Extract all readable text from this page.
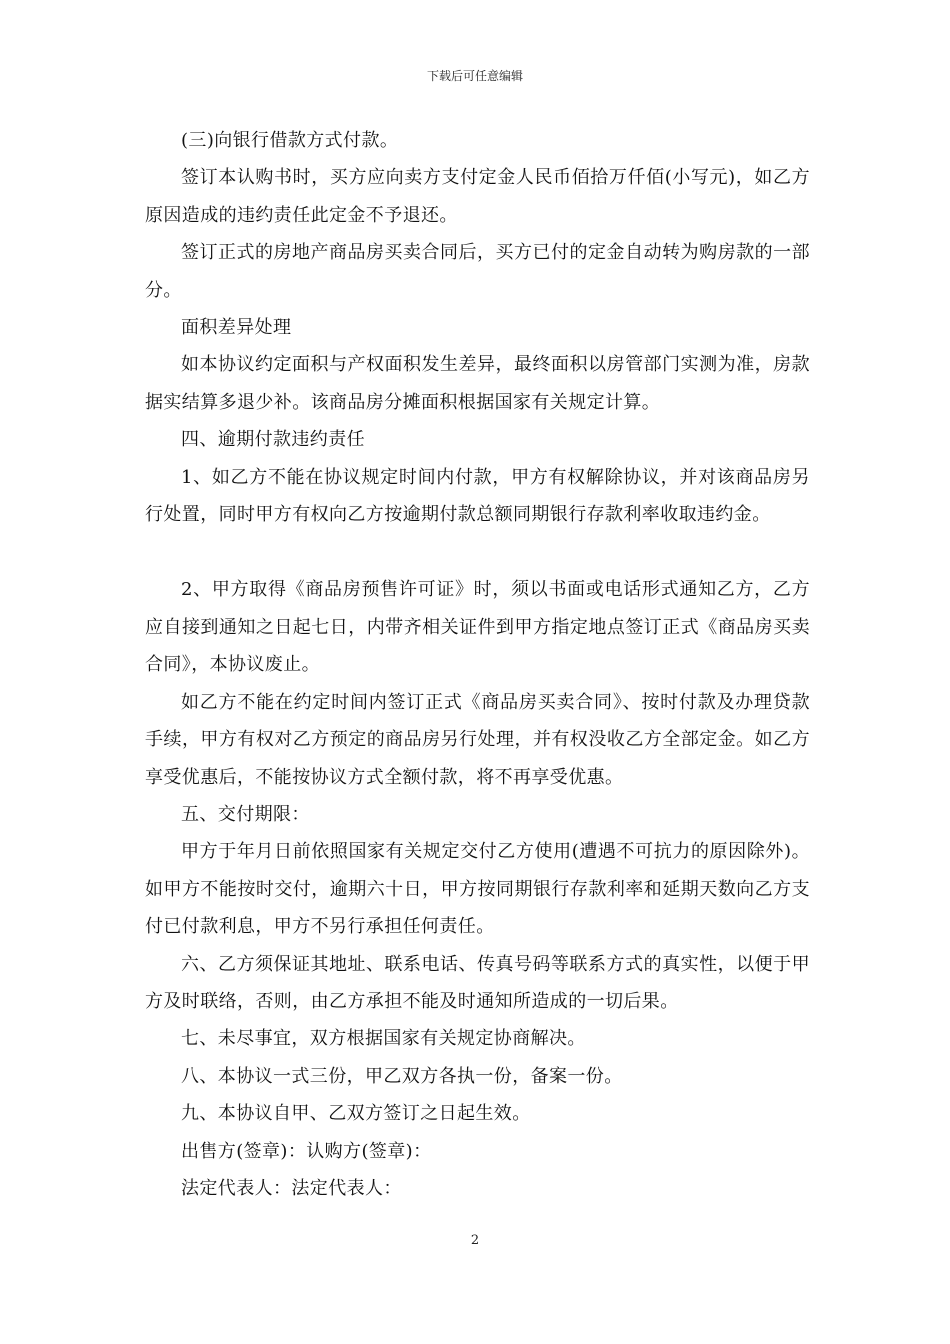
下载后可任意编辑

(三)向银行借款方式付款。

签订本认购书时，买方应向卖方支付定金人民币佰拾万仟佰(小写元)，如乙方原因造成的违约责任此定金不予退还。

签订正式的房地产商品房买卖合同后，买方已付的定金自动转为购房款的一部分。

面积差异处理

如本协议约定面积与产权面积发生差异，最终面积以房管部门实测为准，房款据实结算多退少补。该商品房分摊面积根据国家有关规定计算。

四、逾期付款违约责任

1、如乙方不能在协议规定时间内付款，甲方有权解除协议，并对该商品房另行处置，同时甲方有权向乙方按逾期付款总额同期银行存款利率收取违约金。

2、甲方取得《商品房预售许可证》时，须以书面或电话形式通知乙方，乙方应自接到通知之日起七日，内带齐相关证件到甲方指定地点签订正式《商品房买卖合同》，本协议废止。

如乙方不能在约定时间内签订正式《商品房买卖合同》、按时付款及办理贷款手续，甲方有权对乙方预定的商品房另行处理，并有权没收乙方全部定金。如乙方享受优惠后，不能按协议方式全额付款，将不再享受优惠。

五、交付期限：

甲方于年月日前依照国家有关规定交付乙方使用(遭遇不可抗力的原因除外)。如甲方不能按时交付，逾期六十日，甲方按同期银行存款利率和延期天数向乙方支付已付款利息，甲方不另行承担任何责任。

六、乙方须保证其地址、联系电话、传真号码等联系方式的真实性，以便于甲方及时联络，否则，由乙方承担不能及时通知所造成的一切后果。

七、未尽事宜，双方根据国家有关规定协商解决。

八、本协议一式三份，甲乙双方各执一份，备案一份。

九、本协议自甲、乙双方签订之日起生效。

出售方(签章)：认购方(签章)：

法定代表人：法定代表人：

2
